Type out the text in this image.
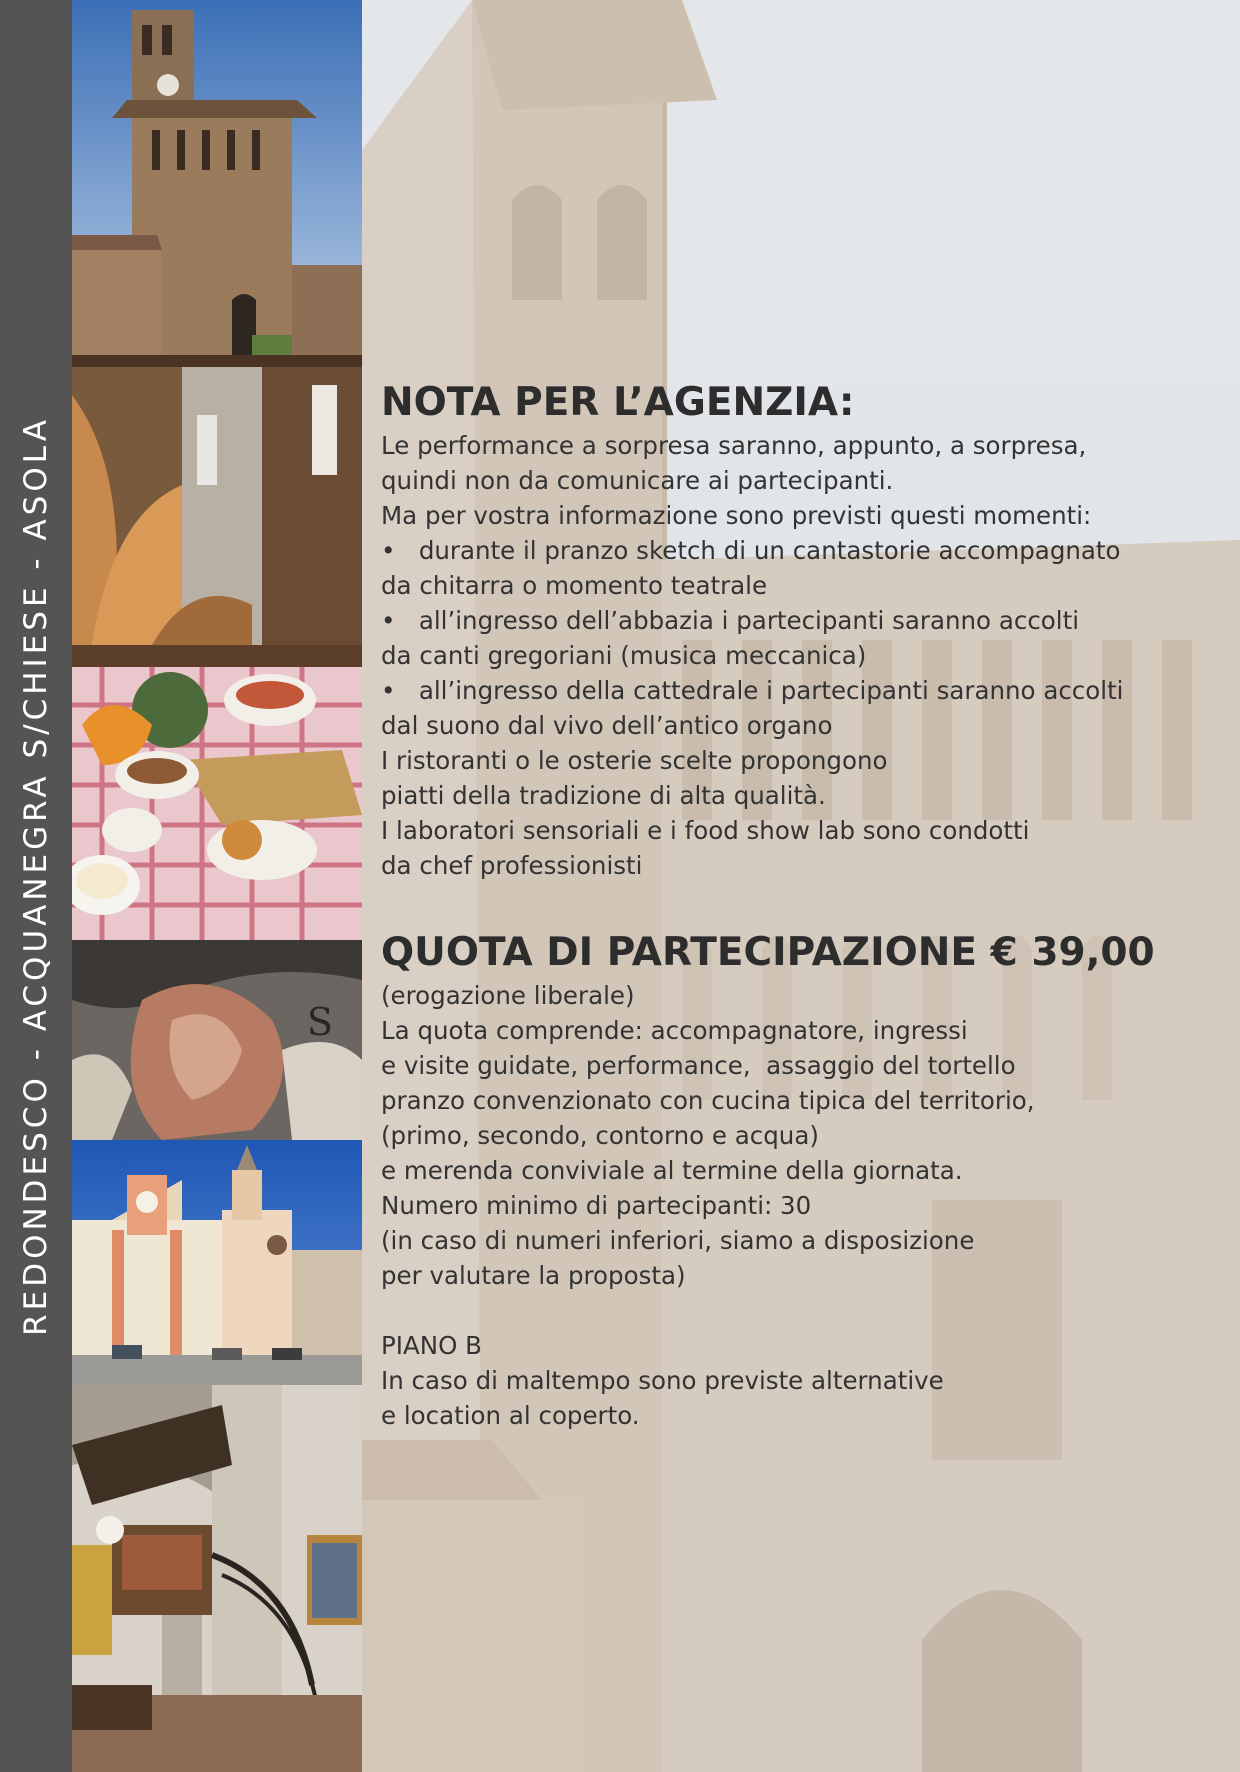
REDONDESCO - ACQUANEGRA S/CHIESE - ASOLA	S
NOTA PER L’AGENZIA:

Le performance a sorpresa saranno, appunto, a sorpresa,

quindi non da comunicare ai partecipanti.

Ma per vostra informazione sono previsti questi momenti:

•   durante il pranzo sketch di un cantastorie accompagnato

da chitarra o momento teatrale

•   all’ingresso dell’abbazia i partecipanti saranno accolti

da canti gregoriani (musica meccanica)

•   all’ingresso della cattedrale i partecipanti saranno accolti

dal suono dal vivo dell’antico organo

I ristoranti o le osterie scelte propongono

piatti della tradizione di alta qualità.

I laboratori sensoriali e i food show lab sono condotti

da chef professionisti

QUOTA DI PARTECIPAZIONE € 39,00

(erogazione liberale)

La quota comprende: accompagnatore, ingressi

e visite guidate, performance,  assaggio del tortello

pranzo convenzionato con cucina tipica del territorio,

(primo, secondo, contorno e acqua)

e merenda conviviale al termine della giornata.

Numero minimo di partecipanti: 30

(in caso di numeri inferiori, siamo a disposizione

per valutare la proposta)

PIANO B

In caso di maltempo sono previste alternative

e location al coperto.
